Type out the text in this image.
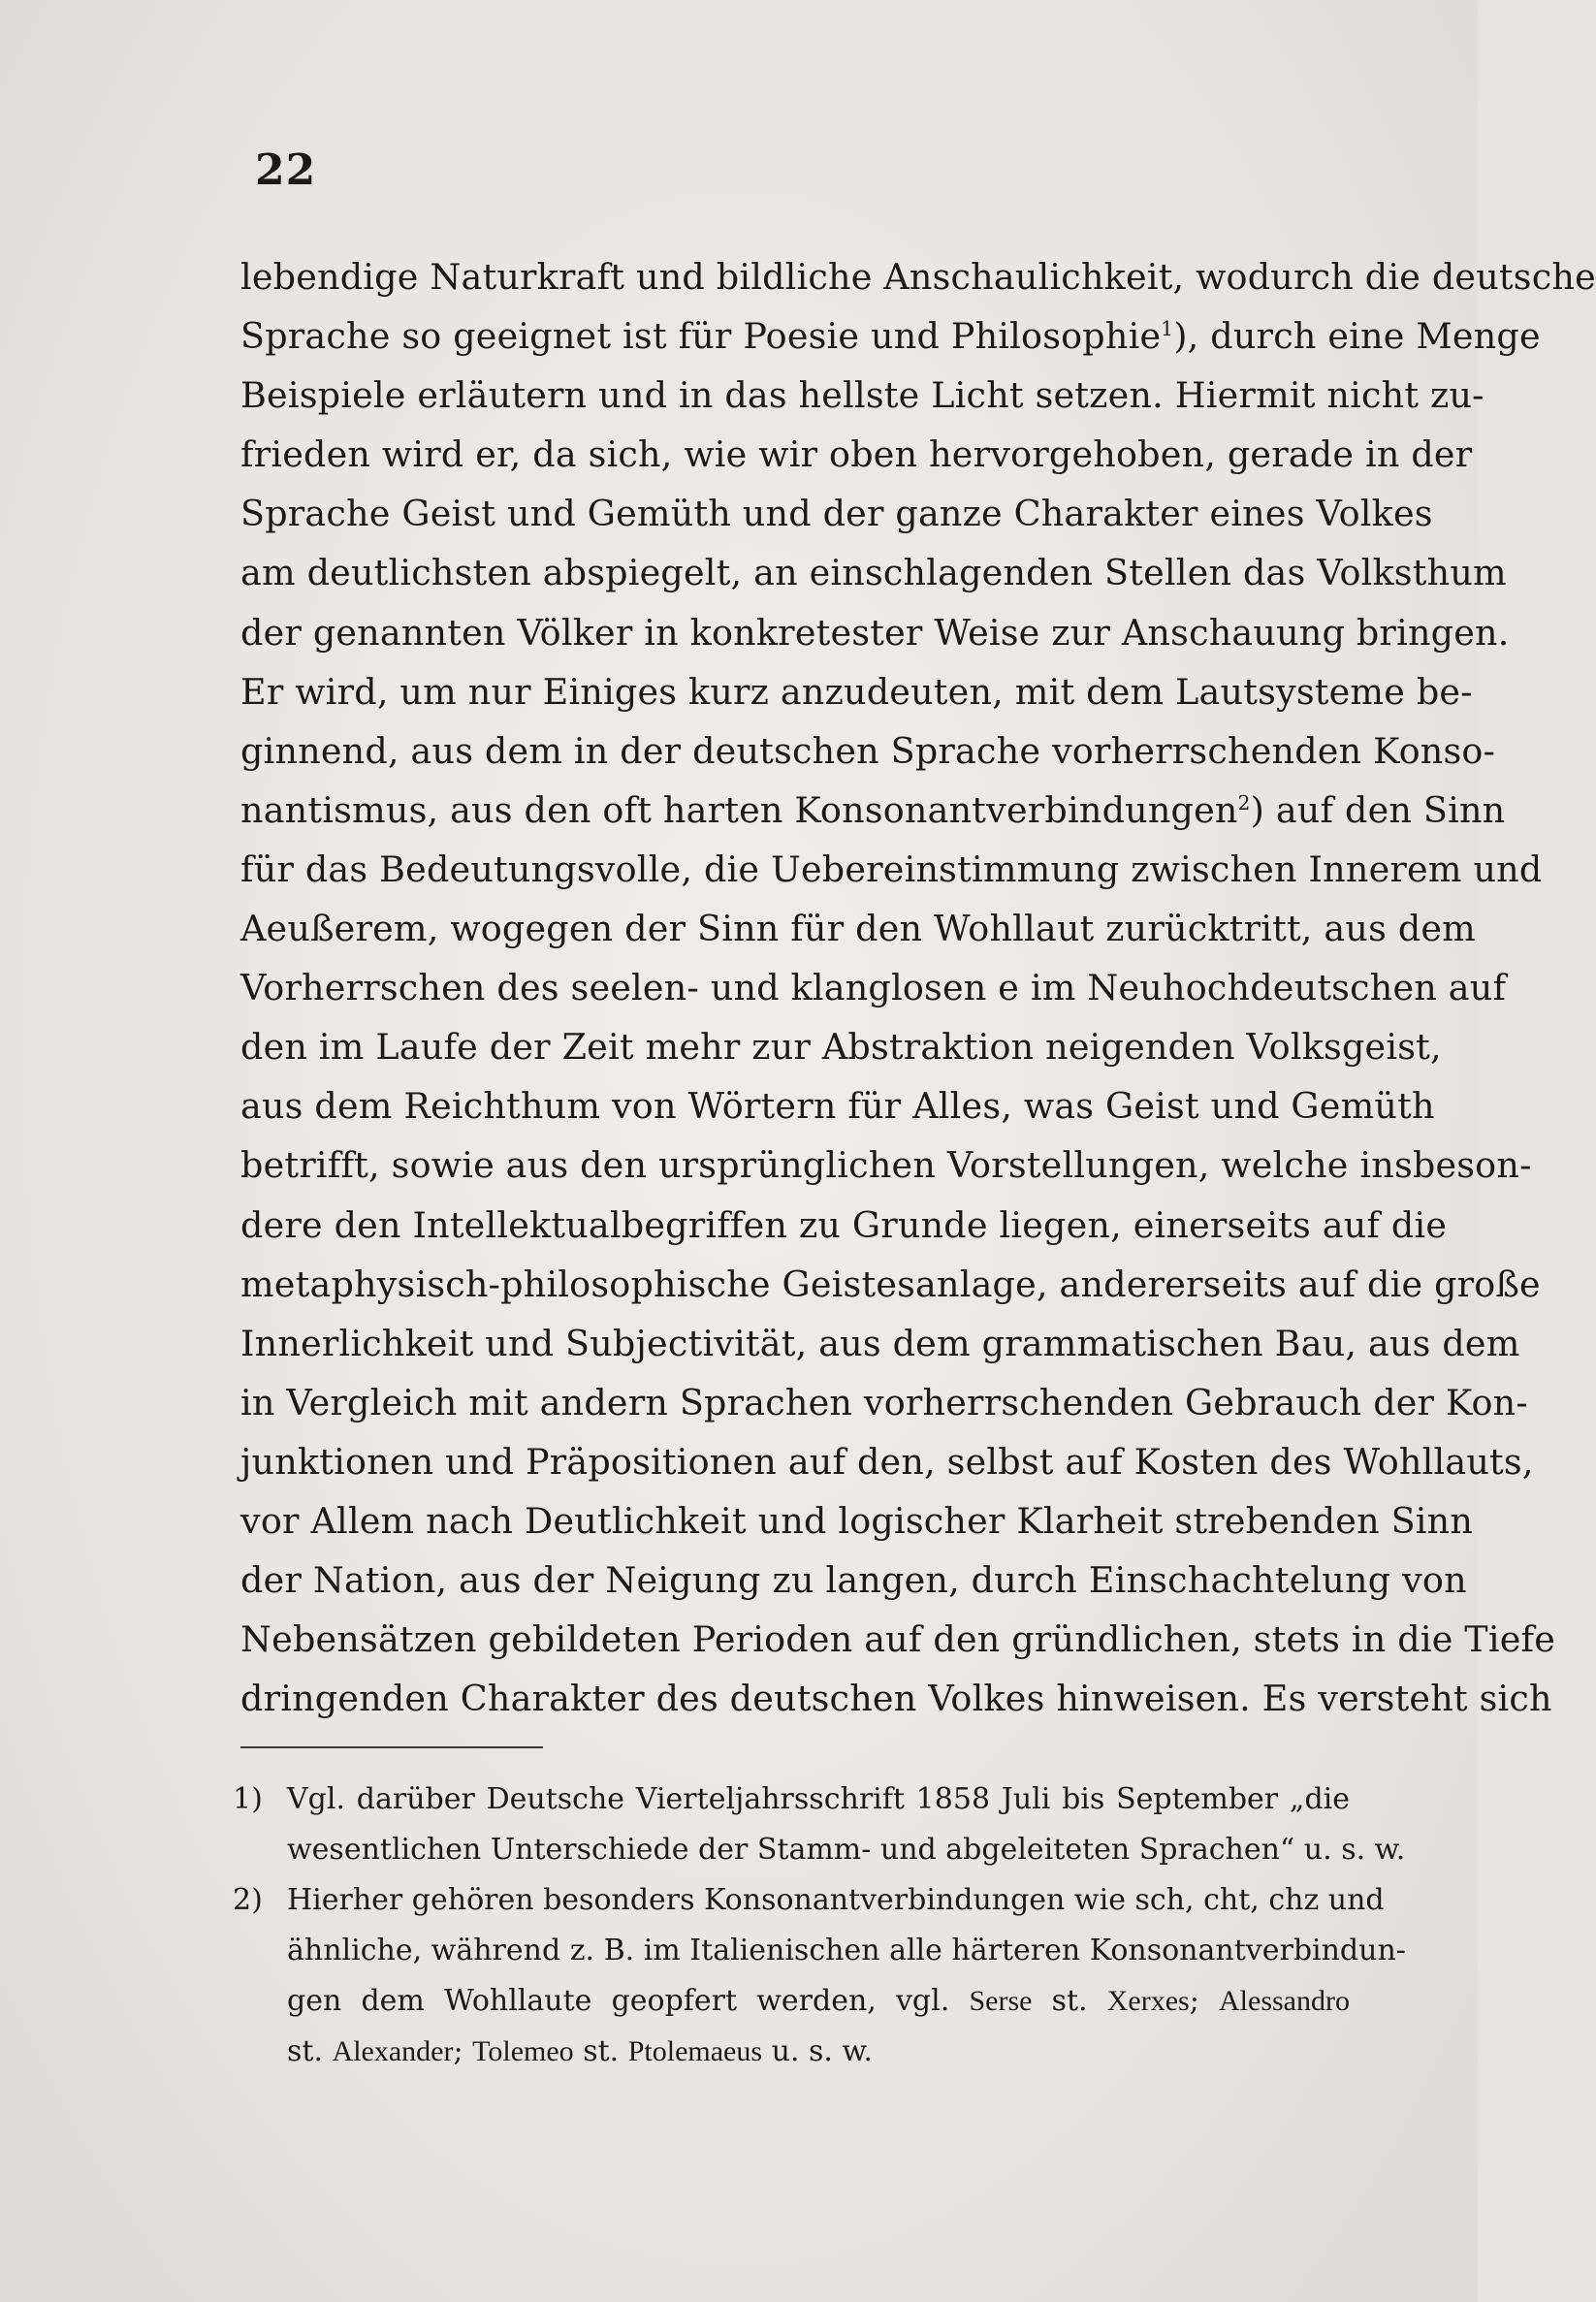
22
lebendige Naturkraft und bildliche Anschaulichkeit, wodurch die deutsche
Sprache so geeignet ist für Poesie und Philosophie$^1$), durch eine Menge
Beispiele erläutern und in das hellste Licht setzen. Hiermit nicht zu-
frieden wird er, da sich, wie wir oben hervorgehoben, gerade in der
Sprache Geist und Gemüth und der ganze Charakter eines Volkes
am deutlichsten abspiegelt, an einschlagenden Stellen das Volksthum
der genannten Völker in konkretester Weise zur Anschauung bringen.
Er wird, um nur Einiges kurz anzudeuten, mit dem Lautsysteme be-
ginnend, aus dem in der deutschen Sprache vorherrschenden Konso-
nantismus, aus den oft harten Konsonantverbindungen$^2$) auf den Sinn
für das Bedeutungsvolle, die Uebereinstimmung zwischen Innerem und
Aeußerem, wogegen der Sinn für den Wohllaut zurücktritt, aus dem
Vorherrschen des seelen- und klanglosen e im Neuhochdeutschen auf
den im Laufe der Zeit mehr zur Abstraktion neigenden Volksgeist,
aus dem Reichthum von Wörtern für Alles, was Geist und Gemüth
betrifft, sowie aus den ursprünglichen Vorstellungen, welche insbeson-
dere den Intellektualbegriffen zu Grunde liegen, einerseits auf die
metaphysisch-philosophische Geistesanlage, andererseits auf die große
Innerlichkeit und Subjectivität, aus dem grammatischen Bau, aus dem
in Vergleich mit andern Sprachen vorherrschenden Gebrauch der Kon-
junktionen und Präpositionen auf den, selbst auf Kosten des Wohllauts,
vor Allem nach Deutlichkeit und logischer Klarheit strebenden Sinn
der Nation, aus der Neigung zu langen, durch Einschachtelung von
Nebensätzen gebildeten Perioden auf den gründlichen, stets in die Tiefe
dringenden Charakter des deutschen Volkes hinweisen. Es versteht sich
1) Vgl. darüber Deutsche Vierteljahrsschrift 1858 Juli bis September „die
wesentlichen Unterschiede der Stamm- und abgeleiteten Sprachen“ u. s. w.
2) Hierher gehören besonders Konsonantverbindungen wie sch, cht, chz und
ähnliche, während z. B. im Italienischen alle härteren Konsonantverbindun-
gen dem Wohllaute geopfert werden, vgl. Serse st. Xerxes; Alessandro
st. Alexander; Tolemeo st. Ptolemaeus u. s. w.
